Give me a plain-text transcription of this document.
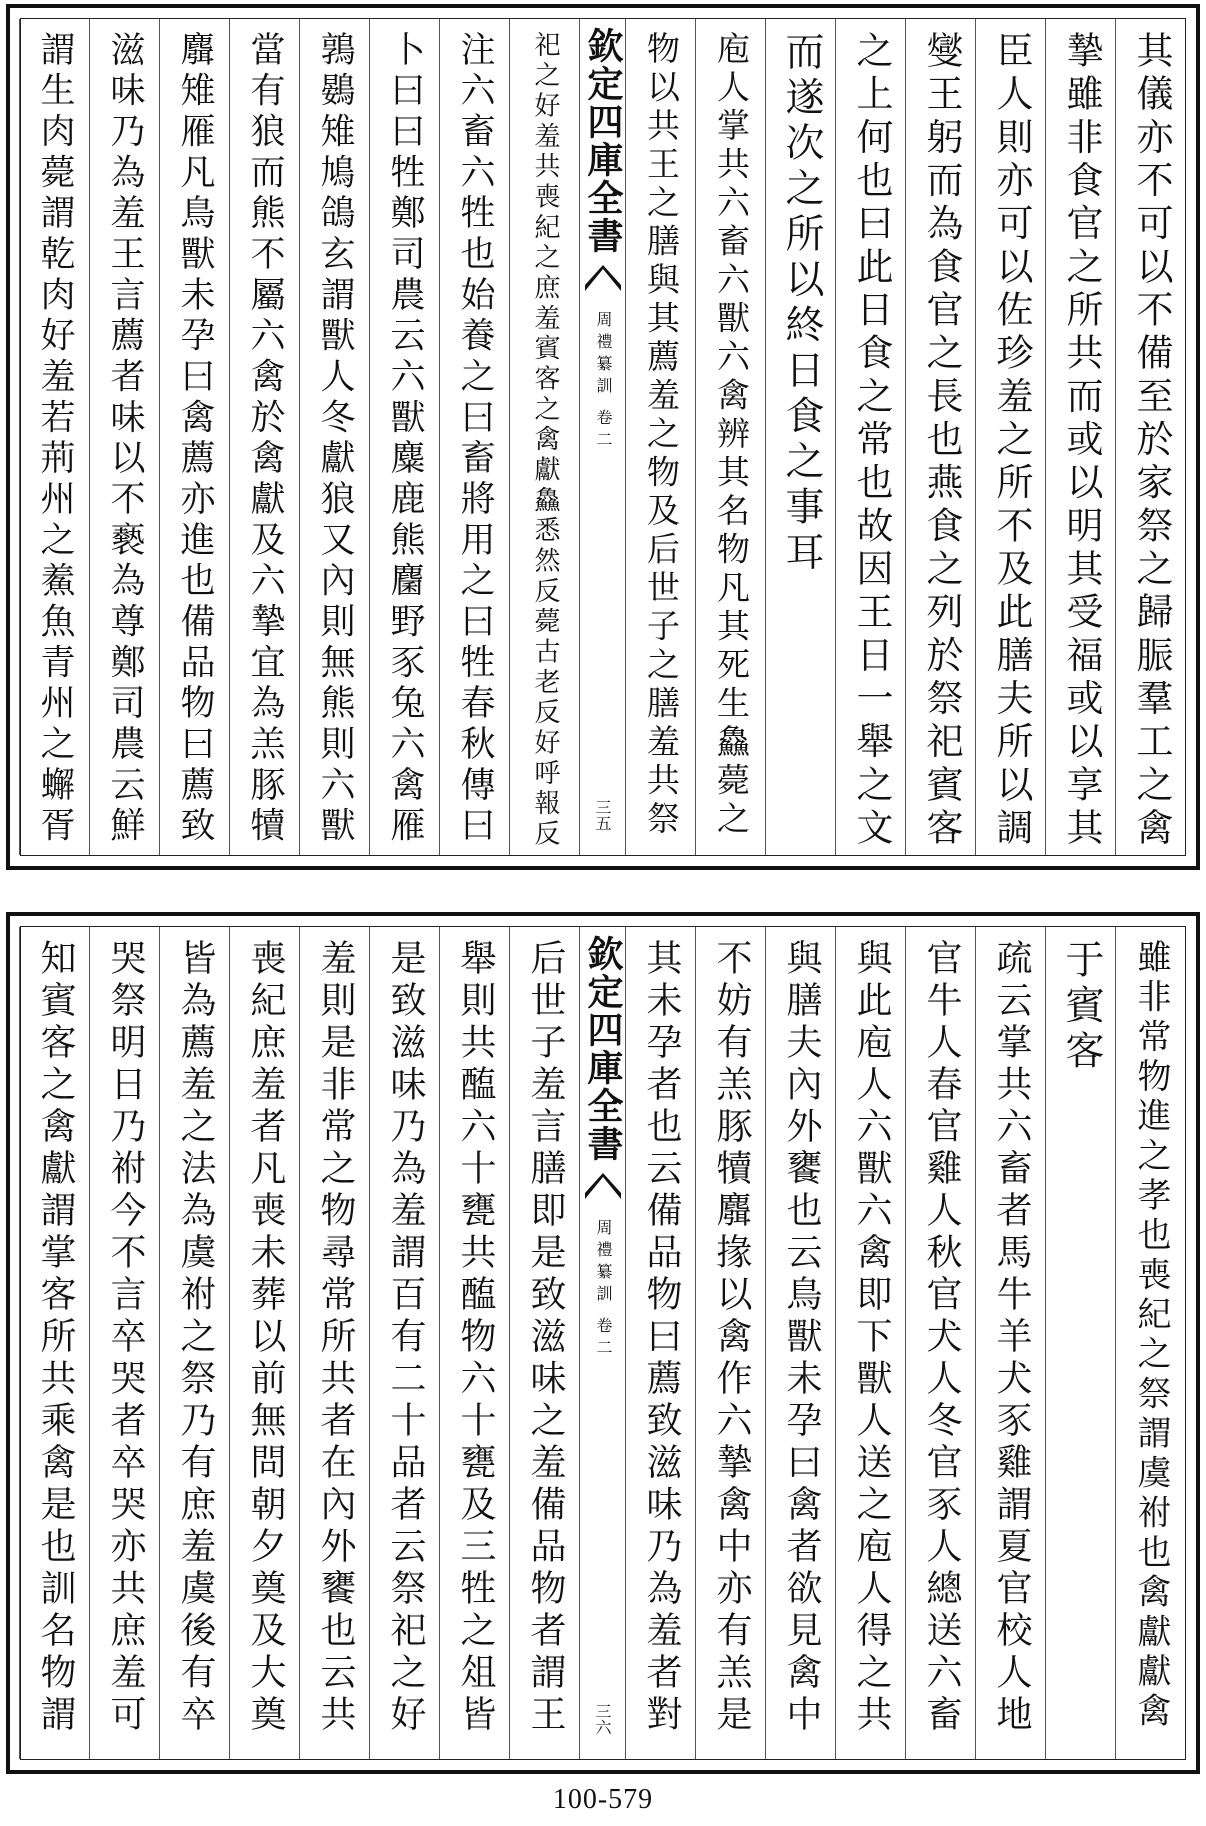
其儀亦不可以不備至於家祭之歸脤羣工之禽
摯雖非食官之所共而或以明其受福或以享其
臣人則亦可以佐珍羞之所不及此膳夫所以調
燮王躬而為食官之長也燕食之列於祭祀賓客
之上何也曰此日食之常也故因王日一舉之文
而遂次之所以終日食之事耳
庖人掌共六畜六獸六禽辨其名物凡其死生鱻薨之
物以共王之膳與其薦羞之物及后世子之膳羞共祭
欽定四庫全書
周禮纂訓
卷二
三五
祀之好羞共喪紀之庶羞賓客之禽獻鱻悉然反薨古老反好呼報反
注六畜六牲也始養之曰畜將用之曰牲春秋傳曰
卜曰曰牲鄭司農云六獸麋鹿熊麕野豕兔六禽雁
鶉鷃雉鳩鴿玄謂獸人冬獻狼又內則無熊則六獸
當有狼而熊不屬六禽於禽獻及六摯宜為羔豚犢
麛雉雁凡鳥獸未孕曰禽薦亦進也備品物曰薦致
滋味乃為羞王言薦者味以不褻為尊鄭司農云鮮
謂生肉薨謂乾肉好羞若荊州之鮺魚青州之蠏胥
雖非常物進之孝也喪紀之祭謂虞祔也禽獻獻禽
于賓客
疏云掌共六畜者馬牛羊犬豕雞謂夏官校人地
官牛人春官雞人秋官犬人冬官豕人總送六畜
與此庖人六獸六禽即下獸人送之庖人得之共
與膳夫內外饔也云鳥獸未孕曰禽者欲見禽中
不妨有羔豚犢麛掾以禽作六摯禽中亦有羔是
其未孕者也云備品物曰薦致滋味乃為羞者對
欽定四庫全書
周禮纂訓
卷二
三六
后世子羞言膳即是致滋味之羞備品物者謂王
舉則共醢六十甕共醢物六十甕及三牲之俎皆
是致滋味乃為羞謂百有二十品者云祭祀之好
羞則是非常之物尋常所共者在內外饔也云共
喪紀庶羞者凡喪未葬以前無問朝夕奠及大奠
皆為薦羞之法為虞祔之祭乃有庶羞虞後有卒
哭祭明日乃祔今不言卒哭者卒哭亦共庶羞可
知賓客之禽獻謂掌客所共乘禽是也訓名物謂
100-579
